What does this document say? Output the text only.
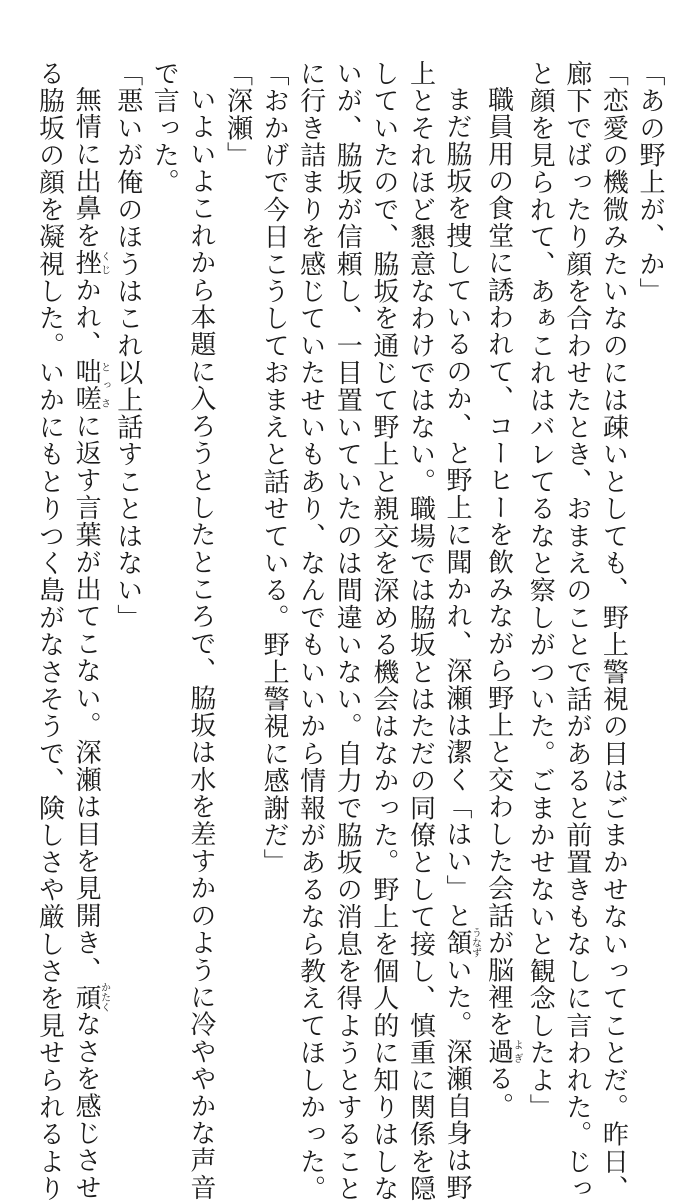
「あの野上が、か」
「恋愛の機微みたいなのには疎いとしても、野上警視の目はごまかせないってことだ。昨日、
廊下でばったり顔を合わせたとき、おまえのことで話があると前置きもなしに言われた。じっ
と顔を見られて、あぁこれはバレてるなと察しがついた。ごまかせないと観念したよ」
職員用の食堂に誘われて、コーヒーを飲みながら野上と交わした会話が脳裡を過よぎる。
まだ脇坂を捜しているのか、と野上に聞かれ、深瀬は潔く「はい」と頷うなずいた。深瀬自身は野
上とそれほど懇意なわけではない。職場では脇坂とはただの同僚として接し、慎重に関係を隠
していたので、脇坂を通じて野上と親交を深める機会はなかった。野上を個人的に知りはしな
いが、脇坂が信頼し、一目置いていたのは間違いない。自力で脇坂の消息を得ようとすること
に行き詰まりを感じていたせいもあり、なんでもいいから情報があるなら教えてほしかった。
「おかげで今日こうしておまえと話せている。野上警視に感謝だ」
「深瀬」
いよいよこれから本題に入ろうとしたところで、脇坂は水を差すかのように冷ややかな声音
で言った。
「悪いが俺のほうはこれ以上話すことはない」
無情に出鼻を挫くじかれ、咄嗟とっさに返す言葉が出てこない。深瀬は目を見開き、頑かたくなさを感じさせ
る脇坂の顔を凝視した。いかにもとりつく島がなさそうで、険しさや厳しさを見せられるより
